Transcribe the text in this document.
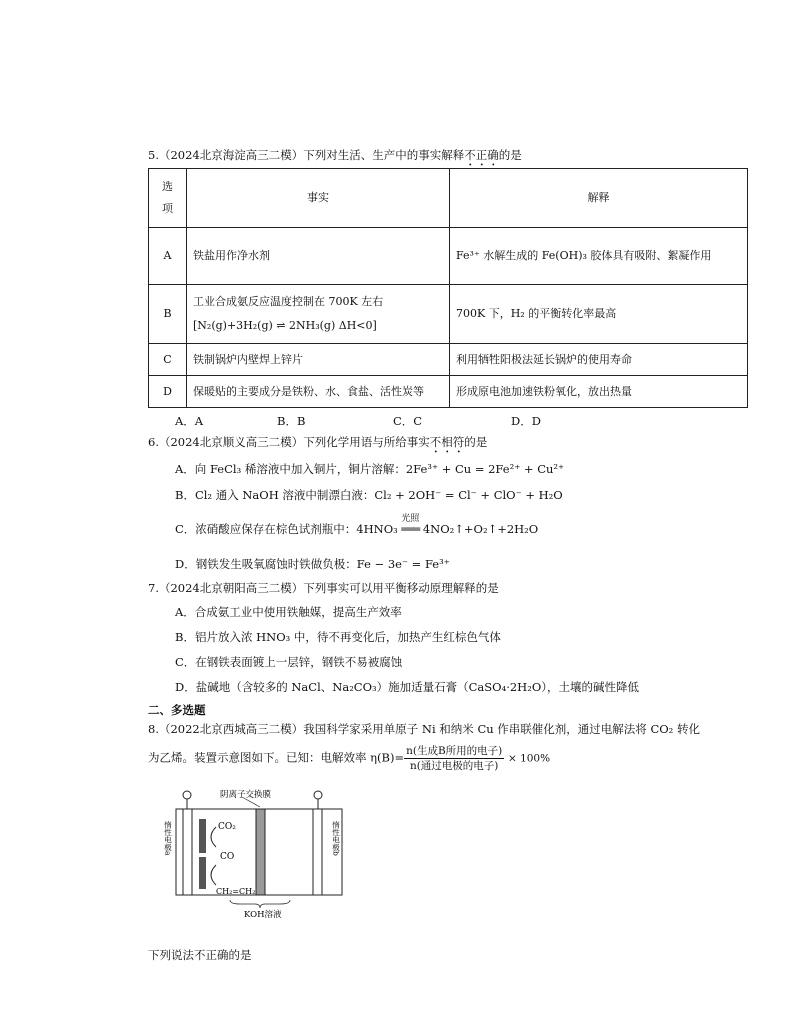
5.（2024北京海淀高三二模）下列对生活、生产中的事实解释不正确的是
选项	事实	解释
A	铁盐用作净水剂	Fe³⁺ 水解生成的 Fe(OH)₃ 胶体具有吸附、絮凝作用
B	工业合成氨反应温度控制在 700K 左右
[N₂(g)+3H₂(g) ⇌ 2NH₃(g) ΔH<0]	700K 下，H₂ 的平衡转化率最高
C	铁制锅炉内壁焊上锌片	利用牺牲阳极法延长锅炉的使用寿命
D	保暖贴的主要成分是铁粉、水、食盐、活性炭等	形成原电池加速铁粉氧化，放出热量
A．A	B．B	C．C	D．D
6.（2024北京顺义高三二模）下列化学用语与所给事实不相符的是
A．向 FeCl₃ 稀溶液中加入铜片，铜片溶解：2Fe³⁺ + Cu = 2Fe²⁺ + Cu²⁺
B．Cl₂ 通入 NaOH 溶液中制漂白液：Cl₂ + 2OH⁻ = Cl⁻ + ClO⁻ + H₂O
C．浓硝酸应保存在棕色试剂瓶中：4HNO₃
光照
═══ 4NO₂↑+O₂↑+2H₂O
D．钢铁发生吸氧腐蚀时铁做负极：Fe − 3e⁻ = Fe³⁺
7.（2024北京朝阳高三二模）下列事实可以用平衡移动原理解释的是
A．合成氨工业中使用铁触媒，提高生产效率
B．铝片放入浓 HNO₃ 中，待不再变化后，加热产生红棕色气体
C．在钢铁表面镀上一层锌，钢铁不易被腐蚀
D．盐碱地（含较多的 NaCl、Na₂CO₃）施加适量石膏（CaSO₄·2H₂O），土壤的碱性降低
二、多选题
8.（2022北京西城高三二模）我国科学家采用单原子 Ni 和纳米 Cu 作串联催化剂，通过电解法将 CO₂ 转化
为乙烯。装置示意图如下。已知：电解效率 $\eta(B)= \frac{\text{n(生成B所用的电子)}}{\text{n(通过电极的电子)}} \times 100\%$
阴离子交换膜
惰性电极a	惰性电极b
单原子Ni
纳米Cu
CO₂
CO
CH₂=CH₂
KOH溶液
下列说法不正确的是
